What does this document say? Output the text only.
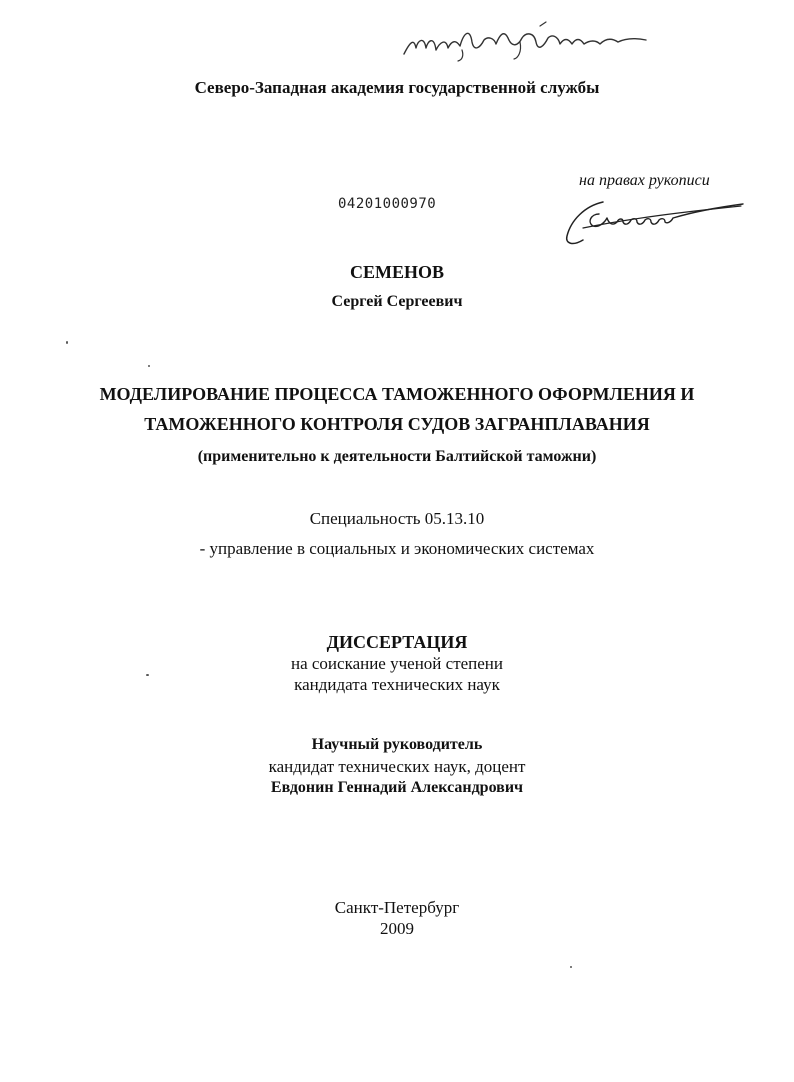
Северо-Западная академия государственной службы
на правах рукописи
04201000970
СЕМЕНОВ
Сергей Сергеевич
МОДЕЛИРОВАНИЕ ПРОЦЕССА ТАМОЖЕННОГО ОФОРМЛЕНИЯ И
ТАМОЖЕННОГО КОНТРОЛЯ СУДОВ ЗАГРАНПЛАВАНИЯ
(применительно к деятельности Балтийской таможни)
Специальность 05.13.10
- управление в социальных и экономических системах
ДИССЕРТАЦИЯ
на соискание ученой степени
кандидата технических наук
Научный руководитель
кандидат технических наук, доцент
Евдонин Геннадий Александрович
Санкт-Петербург
2009
